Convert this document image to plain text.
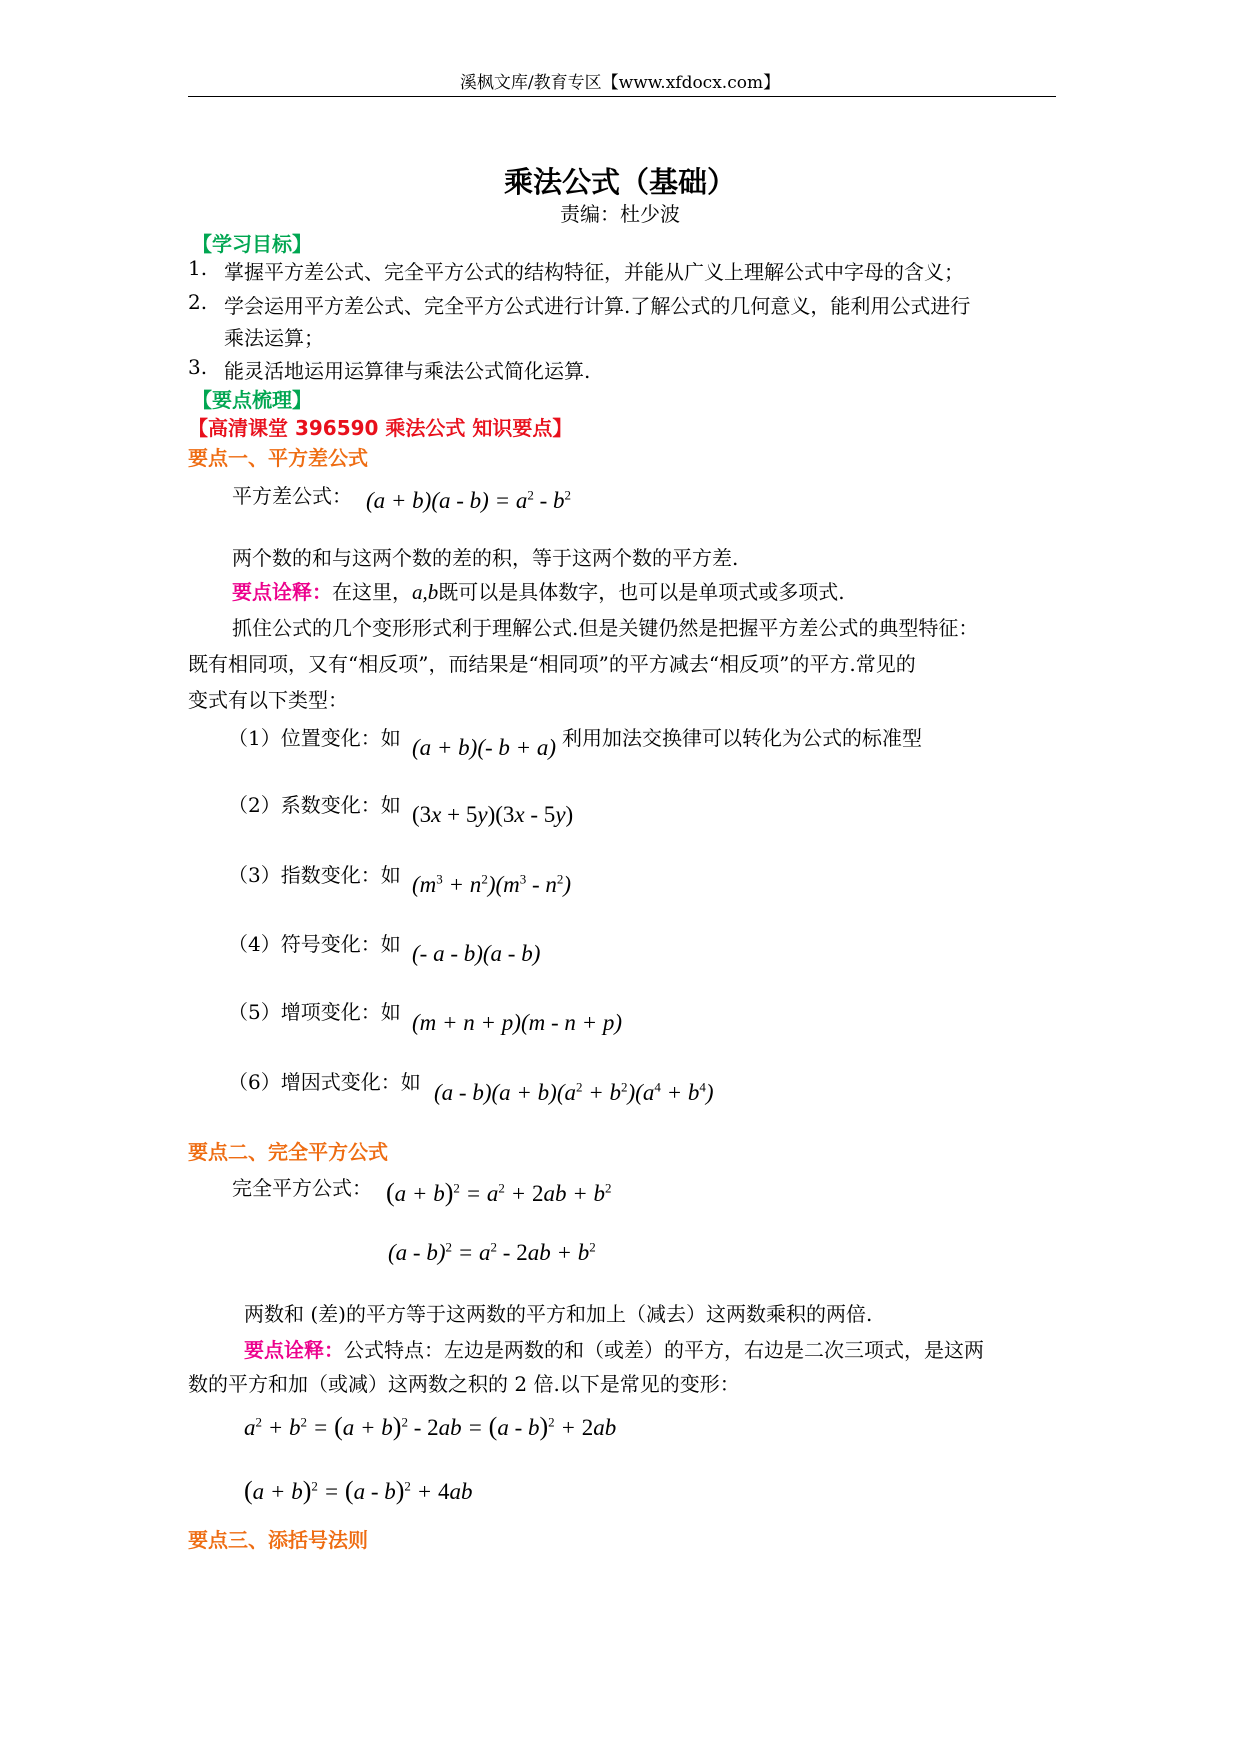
溪枫文库/教育专区【www.xfdocx.com】
乘法公式（基础）
责编：杜少波
【学习目标】
1. 掌握平方差公式、完全平方公式的结构特征，并能从广义上理解公式中字母的含义；
2. 学会运用平方差公式、完全平方公式进行计算.了解公式的几何意义，能利用公式进行
乘法运算；
3. 能灵活地运用运算律与乘法公式简化运算.
【要点梳理】
【高清课堂 396590 乘法公式 知识要点】
要点一、平方差公式
平方差公式： $(a + b)(a - b) = a^2 - b^2$
两个数的和与这两个数的差的积，等于这两个数的平方差.
要点诠释：在这里，a,b既可以是具体数字，也可以是单项式或多项式.
抓住公式的几个变形形式利于理解公式.但是关键仍然是把握平方差公式的典型特征：
既有相同项，又有“相反项”，而结果是“相同项”的平方减去“相反项”的平方.常见的
变式有以下类型：
（1）位置变化：如 (a + b)(- b + a) 利用加法交换律可以转化为公式的标准型
（2）系数变化：如 (3x + 5y)(3x - 5y)
（3）指数变化：如 $(m^3 + n^2)(m^3 - n^2)$
（4）符号变化：如 (- a - b)(a - b)
（5）增项变化：如 (m + n + p)(m - n + p)
（6）增因式变化：如 $(a - b)(a + b)(a^2 + b^2)(a^4 + b^4)$
要点二、完全平方公式
完全平方公式： $(a + b)^2 = a^2 + 2ab + b^2$
$(a - b)^2 = a^2 - 2ab + b^2$
两数和 (差)的平方等于这两数的平方和加上（减去）这两数乘积的两倍.
要点诠释：公式特点：左边是两数的和（或差）的平方，右边是二次三项式，是这两
数的平方和加（或减）这两数之积的 2 倍.以下是常见的变形：
$a^2 + b^2 = (a + b)^2 - 2ab = (a - b)^2 + 2ab$
$(a + b)^2 = (a - b)^2 + 4ab$
要点三、添括号法则
